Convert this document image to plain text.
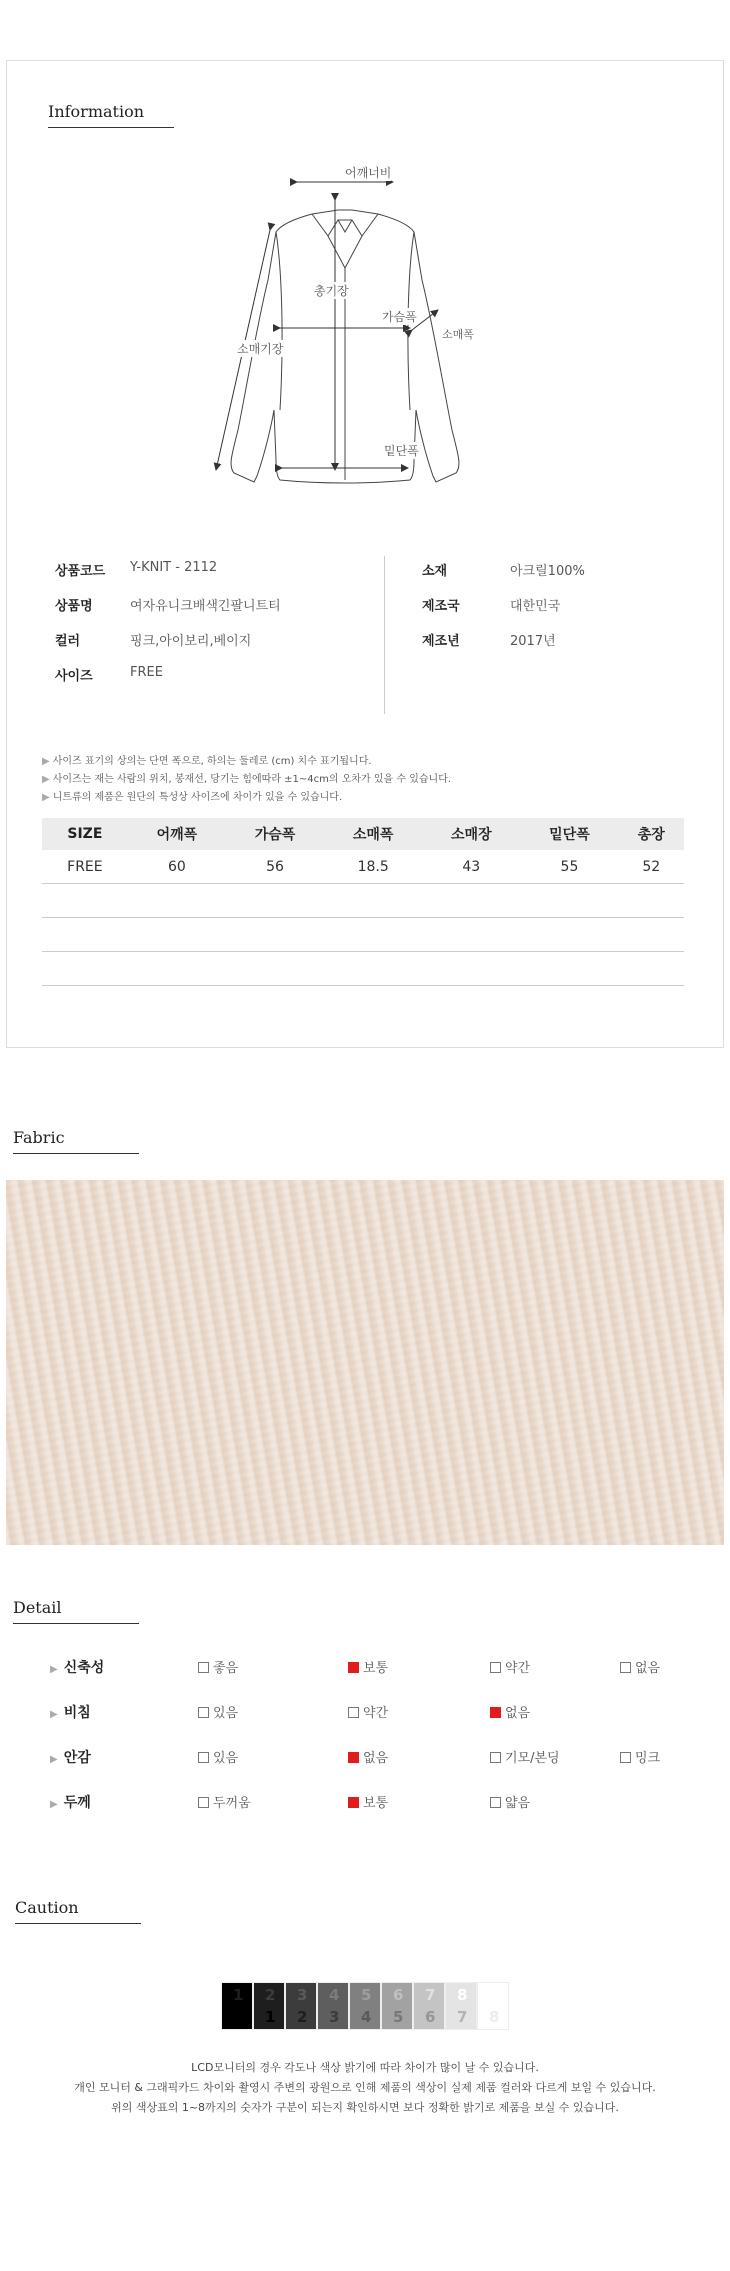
Information
어깨너비
총기장
가슴폭
소매폭
소매기장
밑단폭
상품코드 Y-KNIT - 2112
상품명	여자유니크배색긴팔니트티
컬러	핑크,아이보리,베이지
사이즈	FREE
소재	아크릴100%
제조국	대한민국
제조년	2017년
▶ 사이즈 표기의 상의는 단면 폭으로, 하의는 둘레로 (cm) 치수 표기됩니다.
▶ 사이즈는 재는 사람의 위치, 봉재선, 당기는 힘에따라 ±1~4cm의 오차가 있을 수 있습니다.
▶ 니트류의 제품은 원단의 특성상 사이즈에 차이가 있을 수 있습니다.
SIZE	어깨폭	가슴폭	소매폭	소매장	밑단폭	총장
FREE	60	56	18.5	43	55	52

Fabric
Detail
▶ 신축성	좋음	보통	약간	없음
▶ 비침	있음	약간	없음
▶ 안감	있음	없음	기모/본딩	밍크
▶ 두께	두꺼움	보통	얇음
Caution
1 2
1
3
2
4
3
5
4
6
5
7
6
8
7 8
LCD모니터의 경우 각도나 색상 밝기에 따라 차이가 많이 날 수 있습니다.
개인 모니터 & 그래픽카드 차이와 촬영시 주변의 광원으로 인해 제품의 색상이 실제 제품 컬러와 다르게 보일 수 있습니다.
위의 색상표의 1~8까지의 숫자가 구분이 되는지 확인하시면 보다 정확한 밝기로 제품을 보실 수 있습니다.
